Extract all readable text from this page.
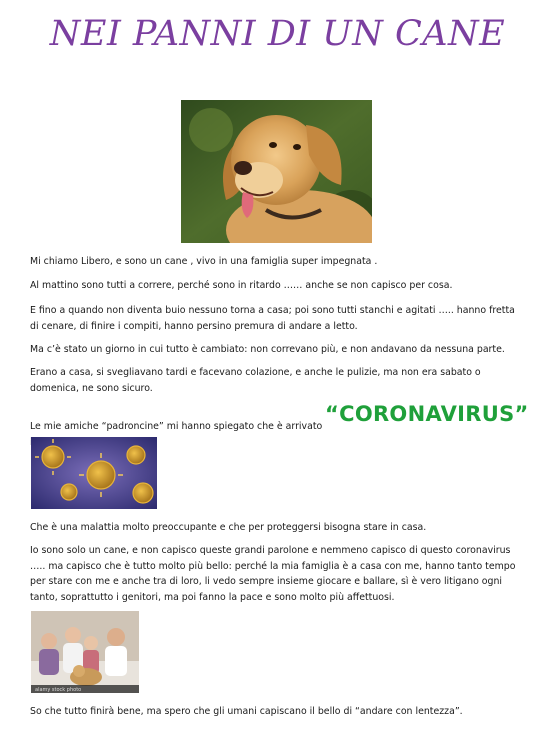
NEI PANNI DI UN CANE

Mi chiamo Libero, e sono un cane , vivo in una famiglia super impegnata .

Al mattino sono tutti a correre, perché sono in ritardo …… anche se non capisco per cosa.

E fino a quando non diventa buio nessuno torna a casa; poi sono tutti stanchi e agitati ….. hanno fretta di cenare, di finire i compiti, hanno persino premura di andare a letto.

Ma c’è stato un giorno in cui tutto è cambiato: non correvano più, e non andavano da nessuna parte.

Erano a casa, si svegliavano tardi e facevano colazione, e anche le pulizie, ma non era sabato o domenica, ne sono sicuro.

Le mie amiche “padroncine” mi hanno spiegato che è arrivato

“CORONAVIRUS”

Che è una malattia molto preoccupante e che per proteggersi bisogna stare in casa.

Io sono solo un cane, e non capisco queste grandi parolone e nemmeno capisco di questo coronavirus ….. ma capisco che è tutto molto più bello: perché la mia famiglia è a casa con me, hanno tanto tempo per stare con me e anche tra di loro, li vedo sempre insieme giocare e ballare, sì è vero litigano ogni tanto, soprattutto i genitori, ma poi fanno la pace e sono molto più affettuosi.

alamy stock photo

So che tutto finirà bene, ma spero che gli umani capiscano il bello di “andare con lentezza”.
